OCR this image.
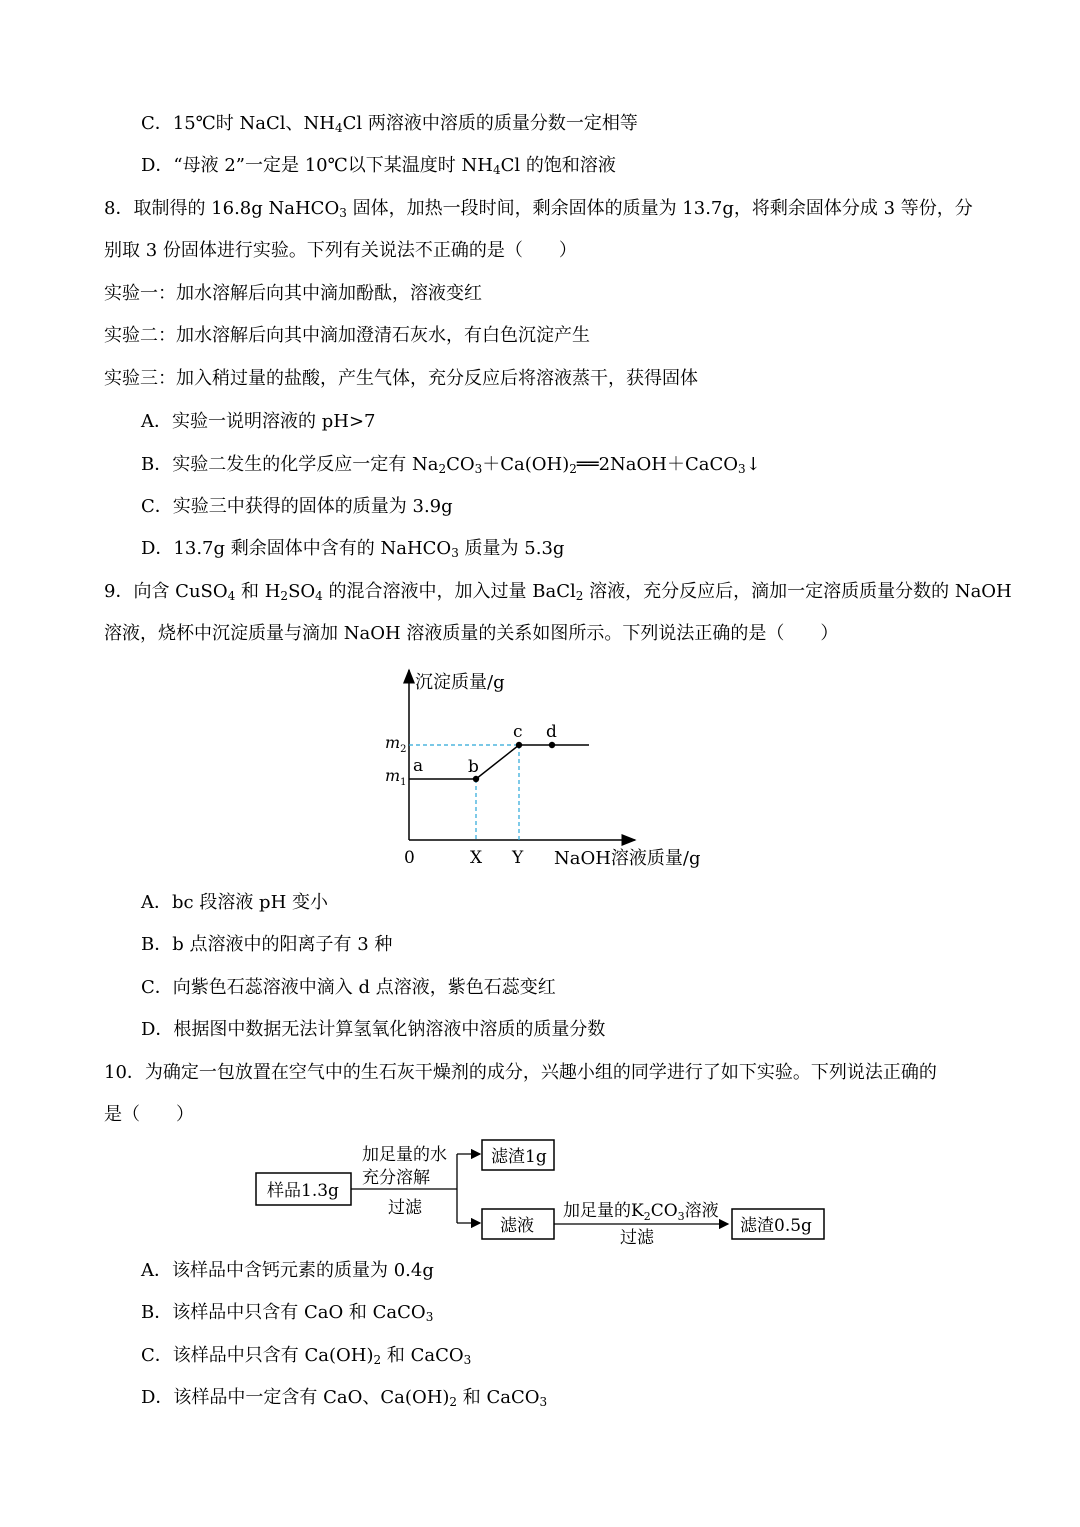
C．15℃时 NaCl、$NH_4Cl$ 两溶液中溶质的质量分数一定相等
D．“母液 2”一定是 10℃以下某温度时 $NH_4Cl$ 的饱和溶液
8．取制得的 16.8g NaHCO$_3$ 固体，加热一段时间，剩余固体的质量为 13.7g，将剩余固体分成 3 等份，分
别取 3 份固体进行实验。下列有关说法不正确的是（　　）
实验一：加水溶解后向其中滴加酚酞，溶液变红
实验二：加水溶解后向其中滴加澄清石灰水，有白色沉淀产生
实验三：加入稍过量的盐酸，产生气体，充分反应后将溶液蒸干，获得固体
A．实验一说明溶液的 pH>7
B．实验二发生的化学反应一定有 $Na_2CO_3+Ca(OH)_2══2NaOH+CaCO_3↓$
C．实验三中获得的固体的质量为 3.9g
D．13.7g 剩余固体中含有的 NaHCO$_3$ 质量为 5.3g
9．向含 CuSO$_4$ 和 $H_2SO_4$ 的混合溶液中，加入过量 BaCl$_2$ 溶液，充分反应后，滴加一定溶质质量分数的 NaOH
溶液，烧杯中沉淀质量与滴加 NaOH 溶液质量的关系如图所示。下列说法正确的是（　　）
沉淀质量/g
NaOH溶液质量/g
0	X Y
$m_2$
$m_1$
a	b
c d
A．bc 段溶液 pH 变小
B．b 点溶液中的阳离子有 3 种
C．向紫色石蕊溶液中滴入 d 点溶液，紫色石蕊变红
D．根据图中数据无法计算氢氧化钠溶液中溶质的质量分数
10．为确定一包放置在空气中的生石灰干燥剂的成分，兴趣小组的同学进行了如下实验。下列说法正确的
是（　　）
样品1.3g
加足量的水
充分溶解
过滤
滤渣1g
滤液
加足量的$K_2CO_3$溶液
过滤
滤渣0.5g
A．该样品中含钙元素的质量为 0.4g
B．该样品中只含有 CaO 和 CaCO$_3$
C．该样品中只含有 $Ca(OH)_2$ 和 CaCO$_3$
D．该样品中一定含有 CaO、$Ca(OH)_2$ 和 CaCO$_3$
